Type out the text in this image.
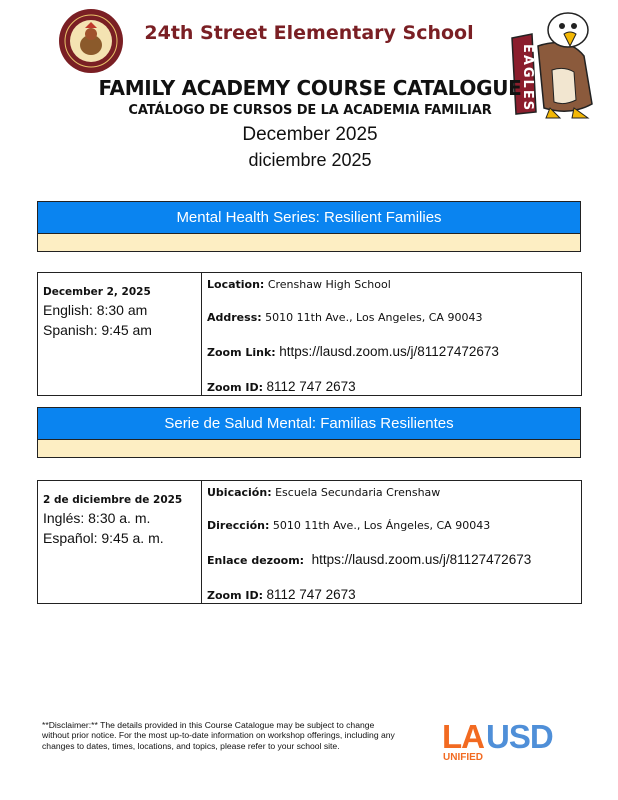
24th Street Elementary School
EAGLES
FAMILY ACADEMY COURSE CATALOGUE
CATÁLOGO DE CURSOS DE LA ACADEMIA FAMILIAR
December 2025
diciembre 2025
Mental Health Series: Resilient Families
December 2, 2025
English: 8:30 am
Spanish: 9:45 am
Location: Crenshaw High School
Address: 5010 11th Ave., Los Angeles, CA 90043
Zoom Link: https://lausd.zoom.us/j/81127472673
Zoom ID: 8112 747 2673
Serie de Salud Mental: Familias Resilientes
2 de diciembre de 2025
Inglés: 8:30 a. m.
Español: 9:45 a. m.
Ubicación: Escuela Secundaria Crenshaw
Dirección: 5010 11th Ave., Los Ángeles, CA 90043
Enlace dezoom: https://lausd.zoom.us/j/81127472673
Zoom ID: 8112 747 2673
**Disclaimer:** The details provided in this Course Catalogue may be subject to change without prior notice. For the most up-to-date information on workshop offerings, including any changes to dates, times, locations, and topics, please refer to your school site.	LA USD
UNIFIED
